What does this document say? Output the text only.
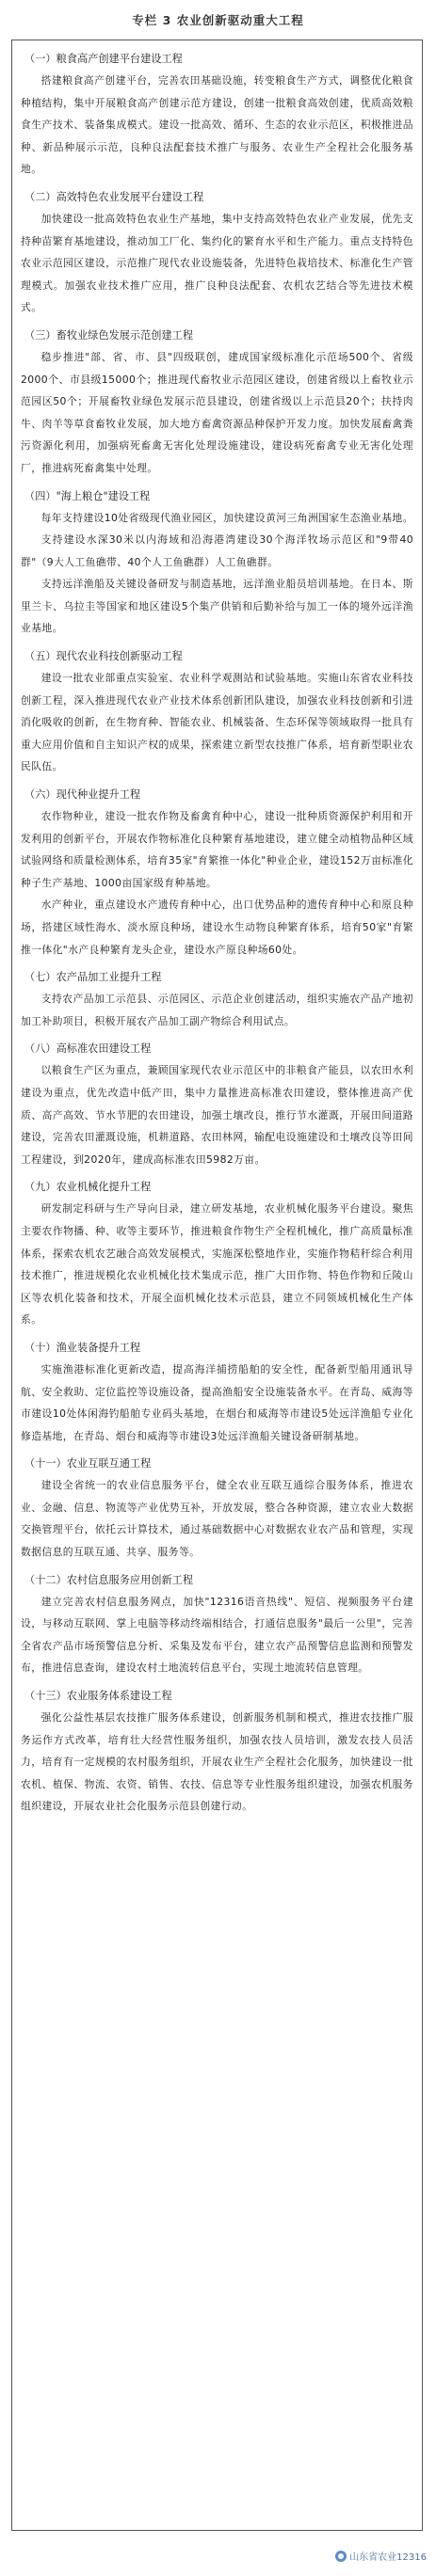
专栏 3 农业创新驱动重大工程
（一）粮食高产创建平台建设工程

搭建粮食高产创建平台，完善农田基础设施，转变粮食生产方式，调整优化粮食种植结构，集中开展粮食高产创建示范方建设，创建一批粮食高效创建，优质高效粮食生产技术、装备集成模式。建设一批高效、循环、生态的农业示范区，积极推进品种、新品种展示示范，良种良法配套技术推广与服务、农业生产全程社会化服务基地。

（二）高效特色农业发展平台建设工程

加快建设一批高效特色农业生产基地，集中支持高效特色农业产业发展，优先支持种苗繁育基地建设，推动加工厂化、集约化的繁育水平和生产能力。重点支持特色农业示范园区建设，示范推广现代农业设施装备，先进特色栽培技术、标准化生产管理模式。加强农业技术推广应用，推广良种良法配套、农机农艺结合等先进技术模式。

（三）畜牧业绿色发展示范创建工程

稳步推进"部、省、市、县"四级联创，建成国家级标准化示范场500个、省级2000个、市县级15000个；推进现代畜牧业示范园区建设，创建省级以上畜牧业示范园区50个；开展畜牧业绿色发展示范县建设，创建省级以上示范县20个；扶持肉牛、肉羊等草食畜牧业发展，加大地方畜禽资源品种保护开发力度。加快发展畜禽粪污资源化利用，加强病死畜禽无害化处理设施建设，建设病死畜禽专业无害化处理厂，推进病死畜禽集中处理。

（四）"海上粮仓"建设工程

每年支持建设10处省级现代渔业园区，加快建设黄河三角洲国家生态渔业基地。

支持建设水深30米以内海域和沿海港湾建设30个海洋牧场示范区和"9带40群"（9大人工鱼礁带、40个人工鱼礁群）人工鱼礁群。

支持远洋渔船及关键设备研发与制造基地，远洋渔业船员培训基地。在日本、斯里兰卡、乌拉圭等国家和地区建设5个集产供销和后勤补给与加工一体的境外远洋渔业基地。

（五）现代农业科技创新驱动工程

建设一批农业部重点实验室、农业科学观测站和试验基地。实施山东省农业科技创新工程，深入推进现代农业产业技术体系创新团队建设，加强农业科技创新和引进消化吸收的创新，在生物育种、智能农业、机械装备、生态环保等领域取得一批具有重大应用价值和自主知识产权的成果，探索建立新型农技推广体系，培育新型职业农民队伍。

（六）现代种业提升工程

农作物种业，建设一批农作物及畜禽育种中心，建设一批种质资源保护利用和开发利用的创新平台，开展农作物标准化良种繁育基地建设，建立健全动植物品种区域试验网络和质量检测体系，培育35家"育繁推一体化"种业企业，建设152万亩标准化种子生产基地、1000亩国家级育种基地。

水产种业，重点建设水产遗传育种中心，出口优势品种的遗传育种中心和原良种场，搭建区域性海水、淡水原良种场，建设水生动物良种繁育体系，培育50家"育繁推一体化"水产良种繁育龙头企业，建设水产原良种场60处。

（七）农产品加工业提升工程

支持农产品加工示范县、示范园区、示范企业创建活动，组织实施农产品产地初加工补助项目，积极开展农产品加工副产物综合利用试点。

（八）高标准农田建设工程

以粮食生产区为重点，兼顾国家现代农业示范区中的非粮食产能县，以农田水利建设为重点，优先改造中低产田，集中力量推进高标准农田建设，整体推进高产优质、高产高效、节水节肥的农田建设，加强土壤改良，推行节水灌溉，开展田间道路建设，完善农田灌溉设施，机耕道路、农田林网，输配电设施建设和土壤改良等田间工程建设，到2020年，建成高标准农田5982万亩。

（九）农业机械化提升工程

研发制定科研与生产导向目录，建立研发基地，农业机械化服务平台建设。聚焦主要农作物播、种、收等主要环节，推进粮食作物生产全程机械化，推广高质量标准体系，探索农机农艺融合高效发展模式，实施深松整地作业，实施作物秸秆综合利用技术推广，推进规模化农业机械化技术集成示范，推广大田作物、特色作物和丘陵山区等农机化装备和技术，开展全面机械化技术示范县，建立不同领域机械化生产体系。

（十）渔业装备提升工程

实施渔港标准化更新改造，提高海洋捕捞船舶的安全性，配备新型船用通讯导航、安全救助、定位监控等设施设备，提高渔船安全设施装备水平。在青岛、威海等市建设10处体闲海钓船舶专业码头基地，在烟台和威海等市建设5处远洋渔船专业化修造基地，在青岛、烟台和威海等市建设3处远洋渔船关键设备研制基地。

（十一）农业互联互通工程

建设全省统一的农业信息服务平台，健全农业互联互通综合服务体系，推进农业、金融、信息、物流等产业优势互补，开放发展，整合各种资源，建立农业大数据交换管理平台，依托云计算技术，通过基础数据中心对数据农业农产品和管理，实现数据信息的互联互通、共享、服务等。

（十二）农村信息服务应用创新工程

建立完善农村信息服务网点，加快"12316语音热线"、短信、视频服务平台建设，与移动互联网、掌上电脑等移动终端相结合，打通信息服务"最后一公里"，完善全省农产品市场预警信息分析、采集及发布平台，建立农产品预警信息监测和预警发布，推进信息查询，建设农村土地流转信息平台，实现土地流转信息管理。

（十三）农业服务体系建设工程

强化公益性基层农技推广服务体系建设，创新服务机制和模式，推进农技推广服务运作方式改革，培育壮大经营性服务组织，加强农技人员培训，激发农技人员活力，培育有一定规模的农村服务组织，开展农业生产全程社会化服务，加快建设一批农机、植保、物流、农资、销售、农技、信息等专业性服务组织建设，加强农机服务组织建设，开展农业社会化服务示范县创建行动。

山东省农业12316
